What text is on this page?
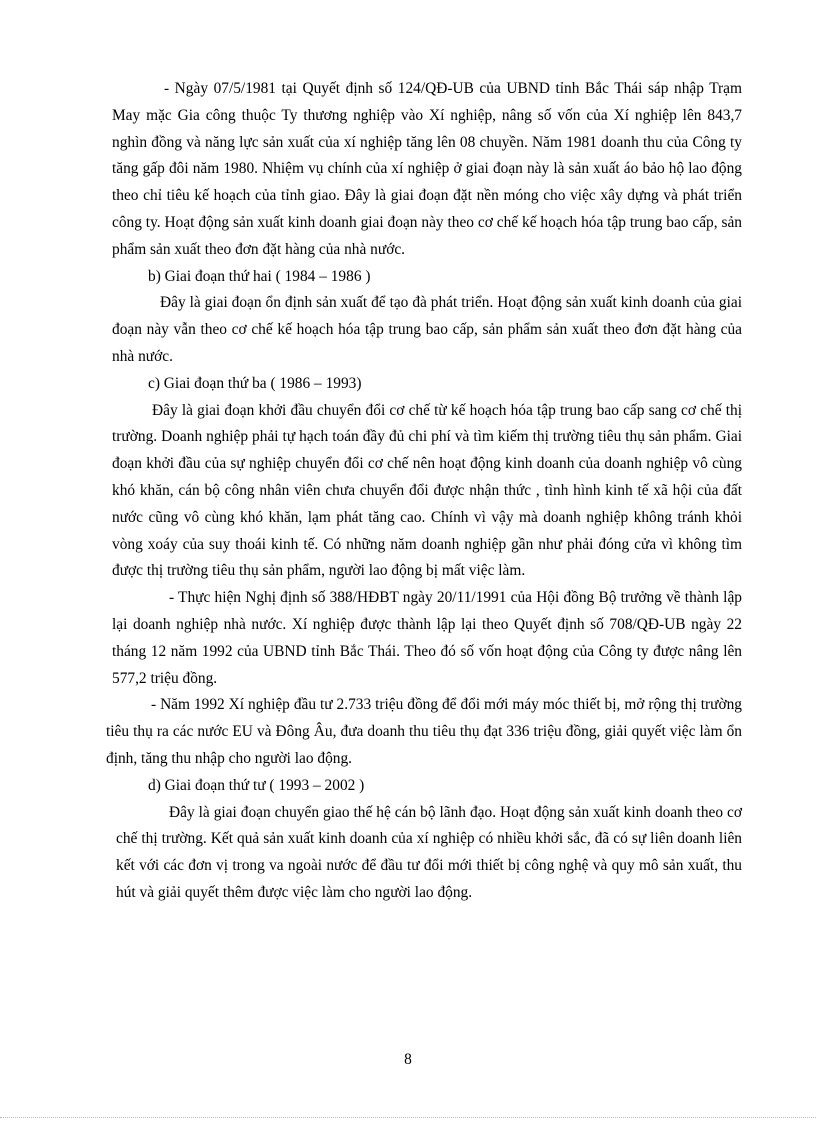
- Ngày 07/5/1981 tại Quyết định số 124/QĐ-UB của UBND tỉnh Bắc Thái sáp nhập Trạm May mặc Gia công thuộc Ty thương nghiệp vào Xí nghiệp, nâng số vốn của Xí nghiệp lên 843,7 nghìn đồng và năng lực sản xuất của xí nghiệp tăng lên 08 chuyền. Năm 1981 doanh thu của Công ty tăng gấp đôi năm 1980. Nhiệm vụ chính của xí nghiệp ở giai đoạn này là sản xuất áo bảo hộ lao động theo chỉ tiêu kế hoạch của tỉnh giao. Đây là giai đoạn đặt nền móng cho việc xây dựng và phát triển công ty. Hoạt động sản xuất kinh doanh giai đoạn này theo cơ chế kế hoạch hóa tập trung bao cấp, sản phẩm sản xuất theo đơn đặt hàng của nhà nước.

b) Giai đoạn thứ hai ( 1984 – 1986 )

Đây là giai đoạn ổn định sản xuất để tạo đà phát triển. Hoạt động sản xuất kinh doanh của giai đoạn này vẫn theo cơ chế kế hoạch hóa tập trung bao cấp, sản phẩm sản xuất theo đơn đặt hàng của nhà nước.

c) Giai đoạn thứ ba ( 1986 – 1993)

Đây là giai đoạn khởi đầu chuyển đổi cơ chế từ kế hoạch hóa tập trung bao cấp sang cơ chế thị trường. Doanh nghiệp phải tự hạch toán đầy đủ chi phí và tìm kiếm thị trường tiêu thụ sản phẩm. Giai đoạn khởi đầu của sự nghiệp chuyển đổi cơ chế nên hoạt động kinh doanh của doanh nghiệp vô cùng khó khăn, cán bộ công nhân viên chưa chuyển đổi được nhận thức , tình hình kinh tế xã hội của đất nước cũng vô cùng khó khăn, lạm phát tăng cao. Chính vì vậy mà doanh nghiệp không tránh khỏi vòng xoáy của suy thoái kinh tế. Có những năm doanh nghiệp gần như phải đóng cửa vì không tìm được thị trường tiêu thụ sản phẩm, người lao động bị mất việc làm.

- Thực hiện Nghị định số 388/HĐBT ngày 20/11/1991 của Hội đồng Bộ trưởng về thành lập lại doanh nghiệp nhà nước. Xí nghiệp được thành lập lại theo Quyết định số 708/QĐ-UB ngày 22 tháng 12 năm 1992 của UBND tỉnh Bắc Thái. Theo đó số vốn hoạt động của Công ty được nâng lên 577,2 triệu đồng.

- Năm 1992 Xí nghiệp đầu tư 2.733 triệu đồng để đổi mới máy móc thiết bị, mở rộng thị trường tiêu thụ ra các nước EU và Đông Âu, đưa doanh thu tiêu thụ đạt 336 triệu đồng, giải quyết việc làm ổn định, tăng thu nhập cho người lao động.

d) Giai đoạn thứ tư ( 1993 – 2002 )

Đây là giai đoạn chuyển giao thế hệ cán bộ lãnh đạo. Hoạt động sản xuất kinh doanh theo cơ chế thị trường. Kết quả sản xuất kinh doanh của xí nghiệp có nhiều khởi sắc, đã có sự liên doanh liên kết với các đơn vị trong va ngoài nước để đầu tư đổi mới thiết bị công nghệ và quy mô sản xuất, thu hút và giải quyết thêm được việc làm cho người lao động.

8
